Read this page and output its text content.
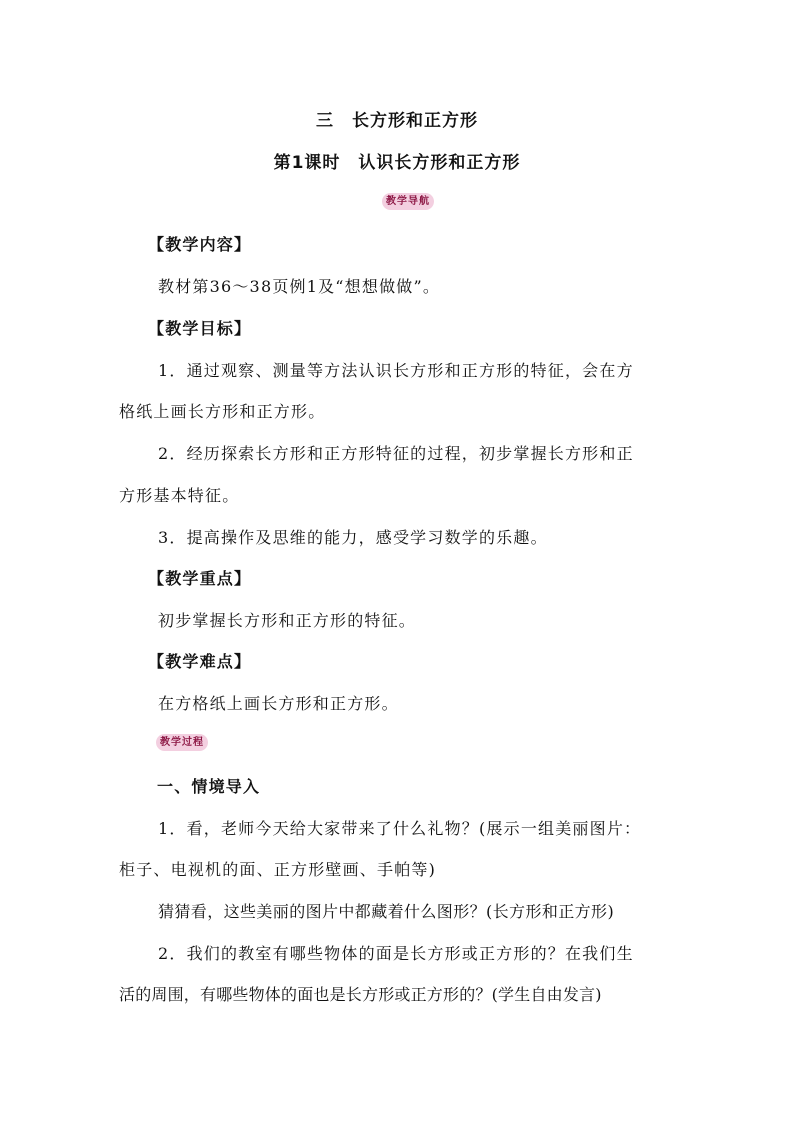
三　长方形和正方形
第1课时　认识长方形和正方形
教学导航
【教学内容】
教材第36～38页例1及“想想做做”。
【教学目标】
1．通过观察、测量等方法认识长方形和正方形的特征，会在方
格纸上画长方形和正方形。
2．经历探索长方形和正方形特征的过程，初步掌握长方形和正
方形基本特征。
3．提高操作及思维的能力，感受学习数学的乐趣。
【教学重点】
初步掌握长方形和正方形的特征。
【教学难点】
在方格纸上画长方形和正方形。
教学过程
一、情境导入
1．看，老师今天给大家带来了什么礼物？(展示一组美丽图片：
柜子、电视机的面、正方形壁画、手帕等)
猜猜看，这些美丽的图片中都藏着什么图形？(长方形和正方形)
2．我们的教室有哪些物体的面是长方形或正方形的？在我们生
活的周围，有哪些物体的面也是长方形或正方形的？(学生自由发言)
